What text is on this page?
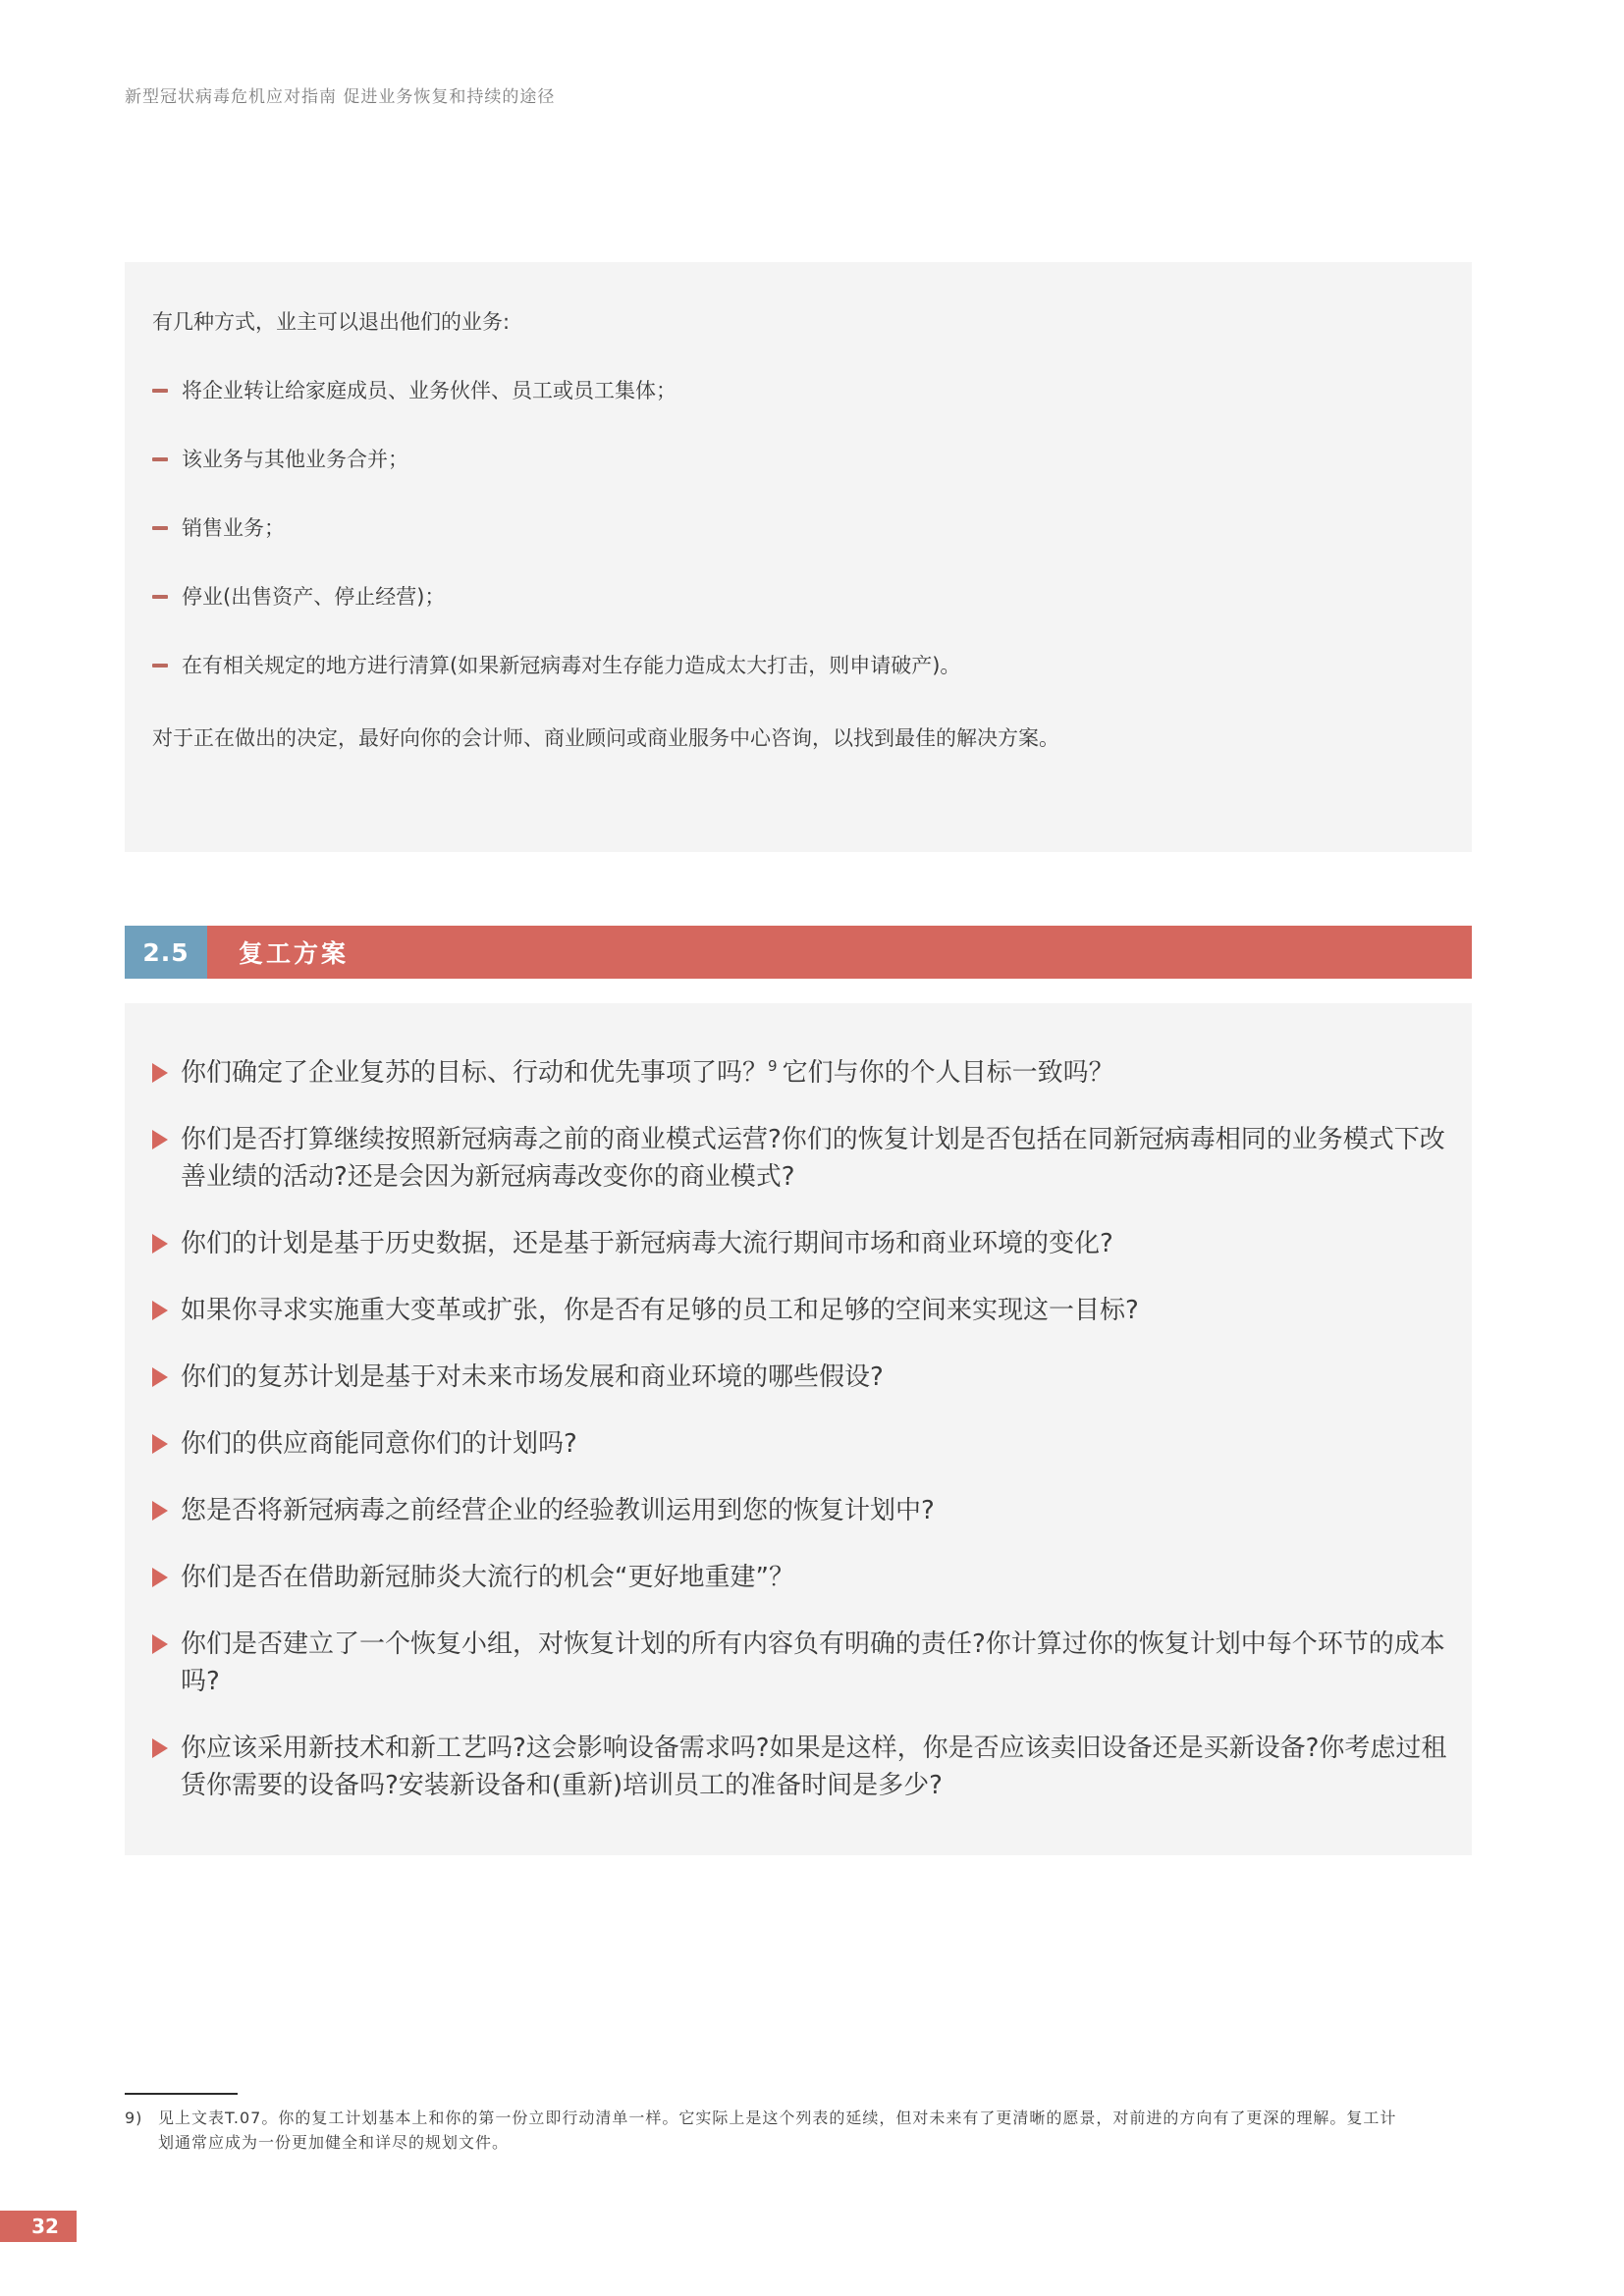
新型冠状病毒危机应对指南 促进业务恢复和持续的途径

有几种方式，业主可以退出他们的业务:

将企业转让给家庭成员、业务伙伴、员工或员工集体；
该业务与其他业务合并；
销售业务；
停业(出售资产、停止经营)；
在有相关规定的地方进行清算(如果新冠病毒对生存能力造成太大打击，则申请破产)。

对于正在做出的决定，最好向你的会计师、商业顾问或商业服务中心咨询，以找到最佳的解决方案。

2.5	复工方案

你们确定了企业复苏的目标、行动和优先事项了吗？$^9$ 它们与你的个人目标一致吗？

你们是否打算继续按照新冠病毒之前的商业模式运营?你们的恢复计划是否包括在同新冠病毒相同的业务模式下改善业绩的活动?还是会因为新冠病毒改变你的商业模式?

你们的计划是基于历史数据，还是基于新冠病毒大流行期间市场和商业环境的变化?

如果你寻求实施重大变革或扩张，你是否有足够的员工和足够的空间来实现这一目标?

你们的复苏计划是基于对未来市场发展和商业环境的哪些假设?

你们的供应商能同意你们的计划吗?

您是否将新冠病毒之前经营企业的经验教训运用到您的恢复计划中?

你们是否在借助新冠肺炎大流行的机会“更好地重建”？

你们是否建立了一个恢复小组，对恢复计划的所有内容负有明确的责任?你计算过你的恢复计划中每个环节的成本吗?

你应该采用新技术和新工艺吗?这会影响设备需求吗?如果是这样，你是否应该卖旧设备还是买新设备?你考虑过租赁你需要的设备吗?安装新设备和(重新)培训员工的准备时间是多少?

9) 见上文表T.07。你的复工计划基本上和你的第一份立即行动清单一样。它实际上是这个列表的延续，但对未来有了更清晰的愿景，对前进的方向有了更深的理解。复工计划通常应成为一份更加健全和详尽的规划文件。
32
